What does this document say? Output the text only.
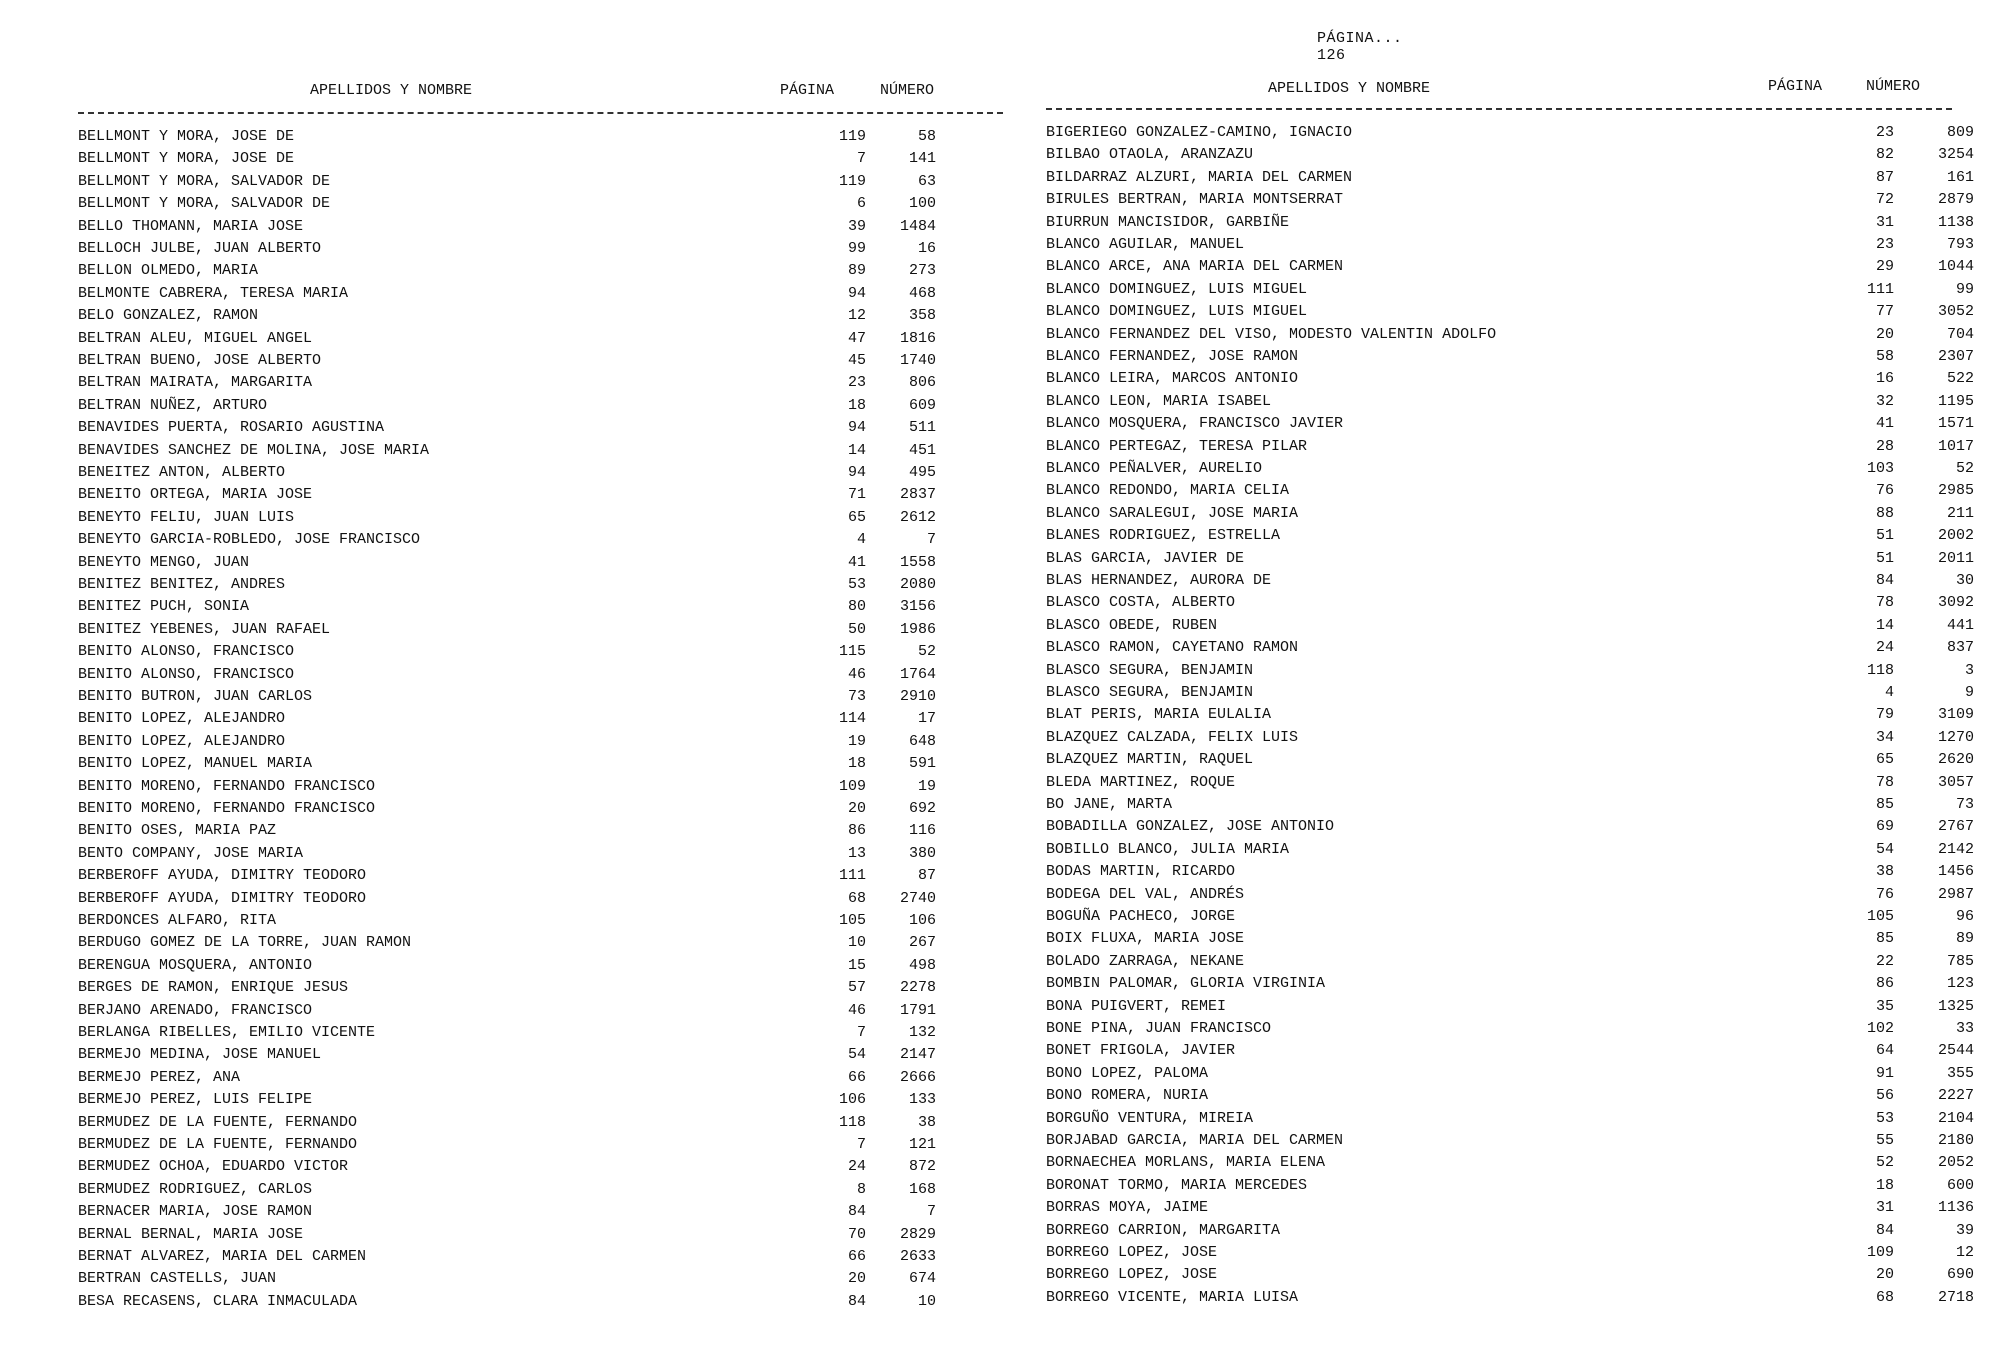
PÁGINA...
126

APELLIDOS Y NOMBRE	PÁGINA	NÚMERO
BELLMONT Y MORA, JOSE DE	119	58
BELLMONT Y MORA, JOSE DE	7	141
BELLMONT Y MORA, SALVADOR DE	119	63
BELLMONT Y MORA, SALVADOR DE	6	100
BELLO THOMANN, MARIA JOSE	39	1484
BELLOCH JULBE, JUAN ALBERTO	99	16
BELLON OLMEDO, MARIA	89	273
BELMONTE CABRERA, TERESA MARIA	94	468
BELO GONZALEZ, RAMON	12	358
BELTRAN ALEU, MIGUEL ANGEL	47	1816
BELTRAN BUENO, JOSE ALBERTO	45	1740
BELTRAN MAIRATA, MARGARITA	23	806
BELTRAN NUÑEZ, ARTURO	18	609
BENAVIDES PUERTA, ROSARIO AGUSTINA	94	511
BENAVIDES SANCHEZ DE MOLINA, JOSE MARIA	14	451
BENEITEZ ANTON, ALBERTO	94	495
BENEITO ORTEGA, MARIA JOSE	71	2837
BENEYTO FELIU, JUAN LUIS	65	2612
BENEYTO GARCIA-ROBLEDO, JOSE FRANCISCO	4	7
BENEYTO MENGO, JUAN	41	1558
BENITEZ BENITEZ, ANDRES	53	2080
BENITEZ PUCH, SONIA	80	3156
BENITEZ YEBENES, JUAN RAFAEL	50	1986
BENITO ALONSO, FRANCISCO	115	52
BENITO ALONSO, FRANCISCO	46	1764
BENITO BUTRON, JUAN CARLOS	73	2910
BENITO LOPEZ, ALEJANDRO	114	17
BENITO LOPEZ, ALEJANDRO	19	648
BENITO LOPEZ, MANUEL MARIA	18	591
BENITO MORENO, FERNANDO FRANCISCO	109	19
BENITO MORENO, FERNANDO FRANCISCO	20	692
BENITO OSES, MARIA PAZ	86	116
BENTO COMPANY, JOSE MARIA	13	380
BERBEROFF AYUDA, DIMITRY TEODORO	111	87
BERBEROFF AYUDA, DIMITRY TEODORO	68	2740
BERDONCES ALFARO, RITA	105	106
BERDUGO GOMEZ DE LA TORRE, JUAN RAMON	10	267
BERENGUA MOSQUERA, ANTONIO	15	498
BERGES DE RAMON, ENRIQUE JESUS	57	2278
BERJANO ARENADO, FRANCISCO	46	1791
BERLANGA RIBELLES, EMILIO VICENTE	7	132
BERMEJO MEDINA, JOSE MANUEL	54	2147
BERMEJO PEREZ, ANA	66	2666
BERMEJO PEREZ, LUIS FELIPE	106	133
BERMUDEZ DE LA FUENTE, FERNANDO	118	38
BERMUDEZ DE LA FUENTE, FERNANDO	7	121
BERMUDEZ OCHOA, EDUARDO VICTOR	24	872
BERMUDEZ RODRIGUEZ, CARLOS	8	168
BERNACER MARIA, JOSE RAMON	84	7
BERNAL BERNAL, MARIA JOSE	70	2829
BERNAT ALVAREZ, MARIA DEL CARMEN	66	2633
BERTRAN CASTELLS, JUAN	20	674
BESA RECASENS, CLARA INMACULADA	84	10
APELLIDOS Y NOMBRE	PÁGINA	NÚMERO
BIGERIEGO GONZALEZ-CAMINO, IGNACIO	23	809
BILBAO OTAOLA, ARANZAZU	82	3254
BILDARRAZ ALZURI, MARIA DEL CARMEN	87	161
BIRULES BERTRAN, MARIA MONTSERRAT	72	2879
BIURRUN MANCISIDOR, GARBIÑE	31	1138
BLANCO AGUILAR, MANUEL	23	793
BLANCO ARCE, ANA MARIA DEL CARMEN	29	1044
BLANCO DOMINGUEZ, LUIS MIGUEL	111	99
BLANCO DOMINGUEZ, LUIS MIGUEL	77	3052
BLANCO FERNANDEZ DEL VISO, MODESTO VALENTIN ADOLFO	20	704
BLANCO FERNANDEZ, JOSE RAMON	58	2307
BLANCO LEIRA, MARCOS ANTONIO	16	522
BLANCO LEON, MARIA ISABEL	32	1195
BLANCO MOSQUERA, FRANCISCO JAVIER	41	1571
BLANCO PERTEGAZ, TERESA PILAR	28	1017
BLANCO PEÑALVER, AURELIO	103	52
BLANCO REDONDO, MARIA CELIA	76	2985
BLANCO SARALEGUI, JOSE MARIA	88	211
BLANES RODRIGUEZ, ESTRELLA	51	2002
BLAS GARCIA, JAVIER DE	51	2011
BLAS HERNANDEZ, AURORA DE	84	30
BLASCO COSTA, ALBERTO	78	3092
BLASCO OBEDE, RUBEN	14	441
BLASCO RAMON, CAYETANO RAMON	24	837
BLASCO SEGURA, BENJAMIN	118	3
BLASCO SEGURA, BENJAMIN	4	9
BLAT PERIS, MARIA EULALIA	79	3109
BLAZQUEZ CALZADA, FELIX LUIS	34	1270
BLAZQUEZ MARTIN, RAQUEL	65	2620
BLEDA MARTINEZ, ROQUE	78	3057
BO JANE, MARTA	85	73
BOBADILLA GONZALEZ, JOSE ANTONIO	69	2767
BOBILLO BLANCO, JULIA MARIA	54	2142
BODAS MARTIN, RICARDO	38	1456
BODEGA DEL VAL, ANDRÉS	76	2987
BOGUÑA PACHECO, JORGE	105	96
BOIX FLUXA, MARIA JOSE	85	89
BOLADO ZARRAGA, NEKANE	22	785
BOMBIN PALOMAR, GLORIA VIRGINIA	86	123
BONA PUIGVERT, REMEI	35	1325
BONE PINA, JUAN FRANCISCO	102	33
BONET FRIGOLA, JAVIER	64	2544
BONO LOPEZ, PALOMA	91	355
BONO ROMERA, NURIA	56	2227
BORGUÑO VENTURA, MIREIA	53	2104
BORJABAD GARCIA, MARIA DEL CARMEN	55	2180
BORNAECHEA MORLANS, MARIA ELENA	52	2052
BORONAT TORMO, MARIA MERCEDES	18	600
BORRAS MOYA, JAIME	31	1136
BORREGO CARRION, MARGARITA	84	39
BORREGO LOPEZ, JOSE	109	12
BORREGO LOPEZ, JOSE	20	690
BORREGO VICENTE, MARIA LUISA	68	2718
